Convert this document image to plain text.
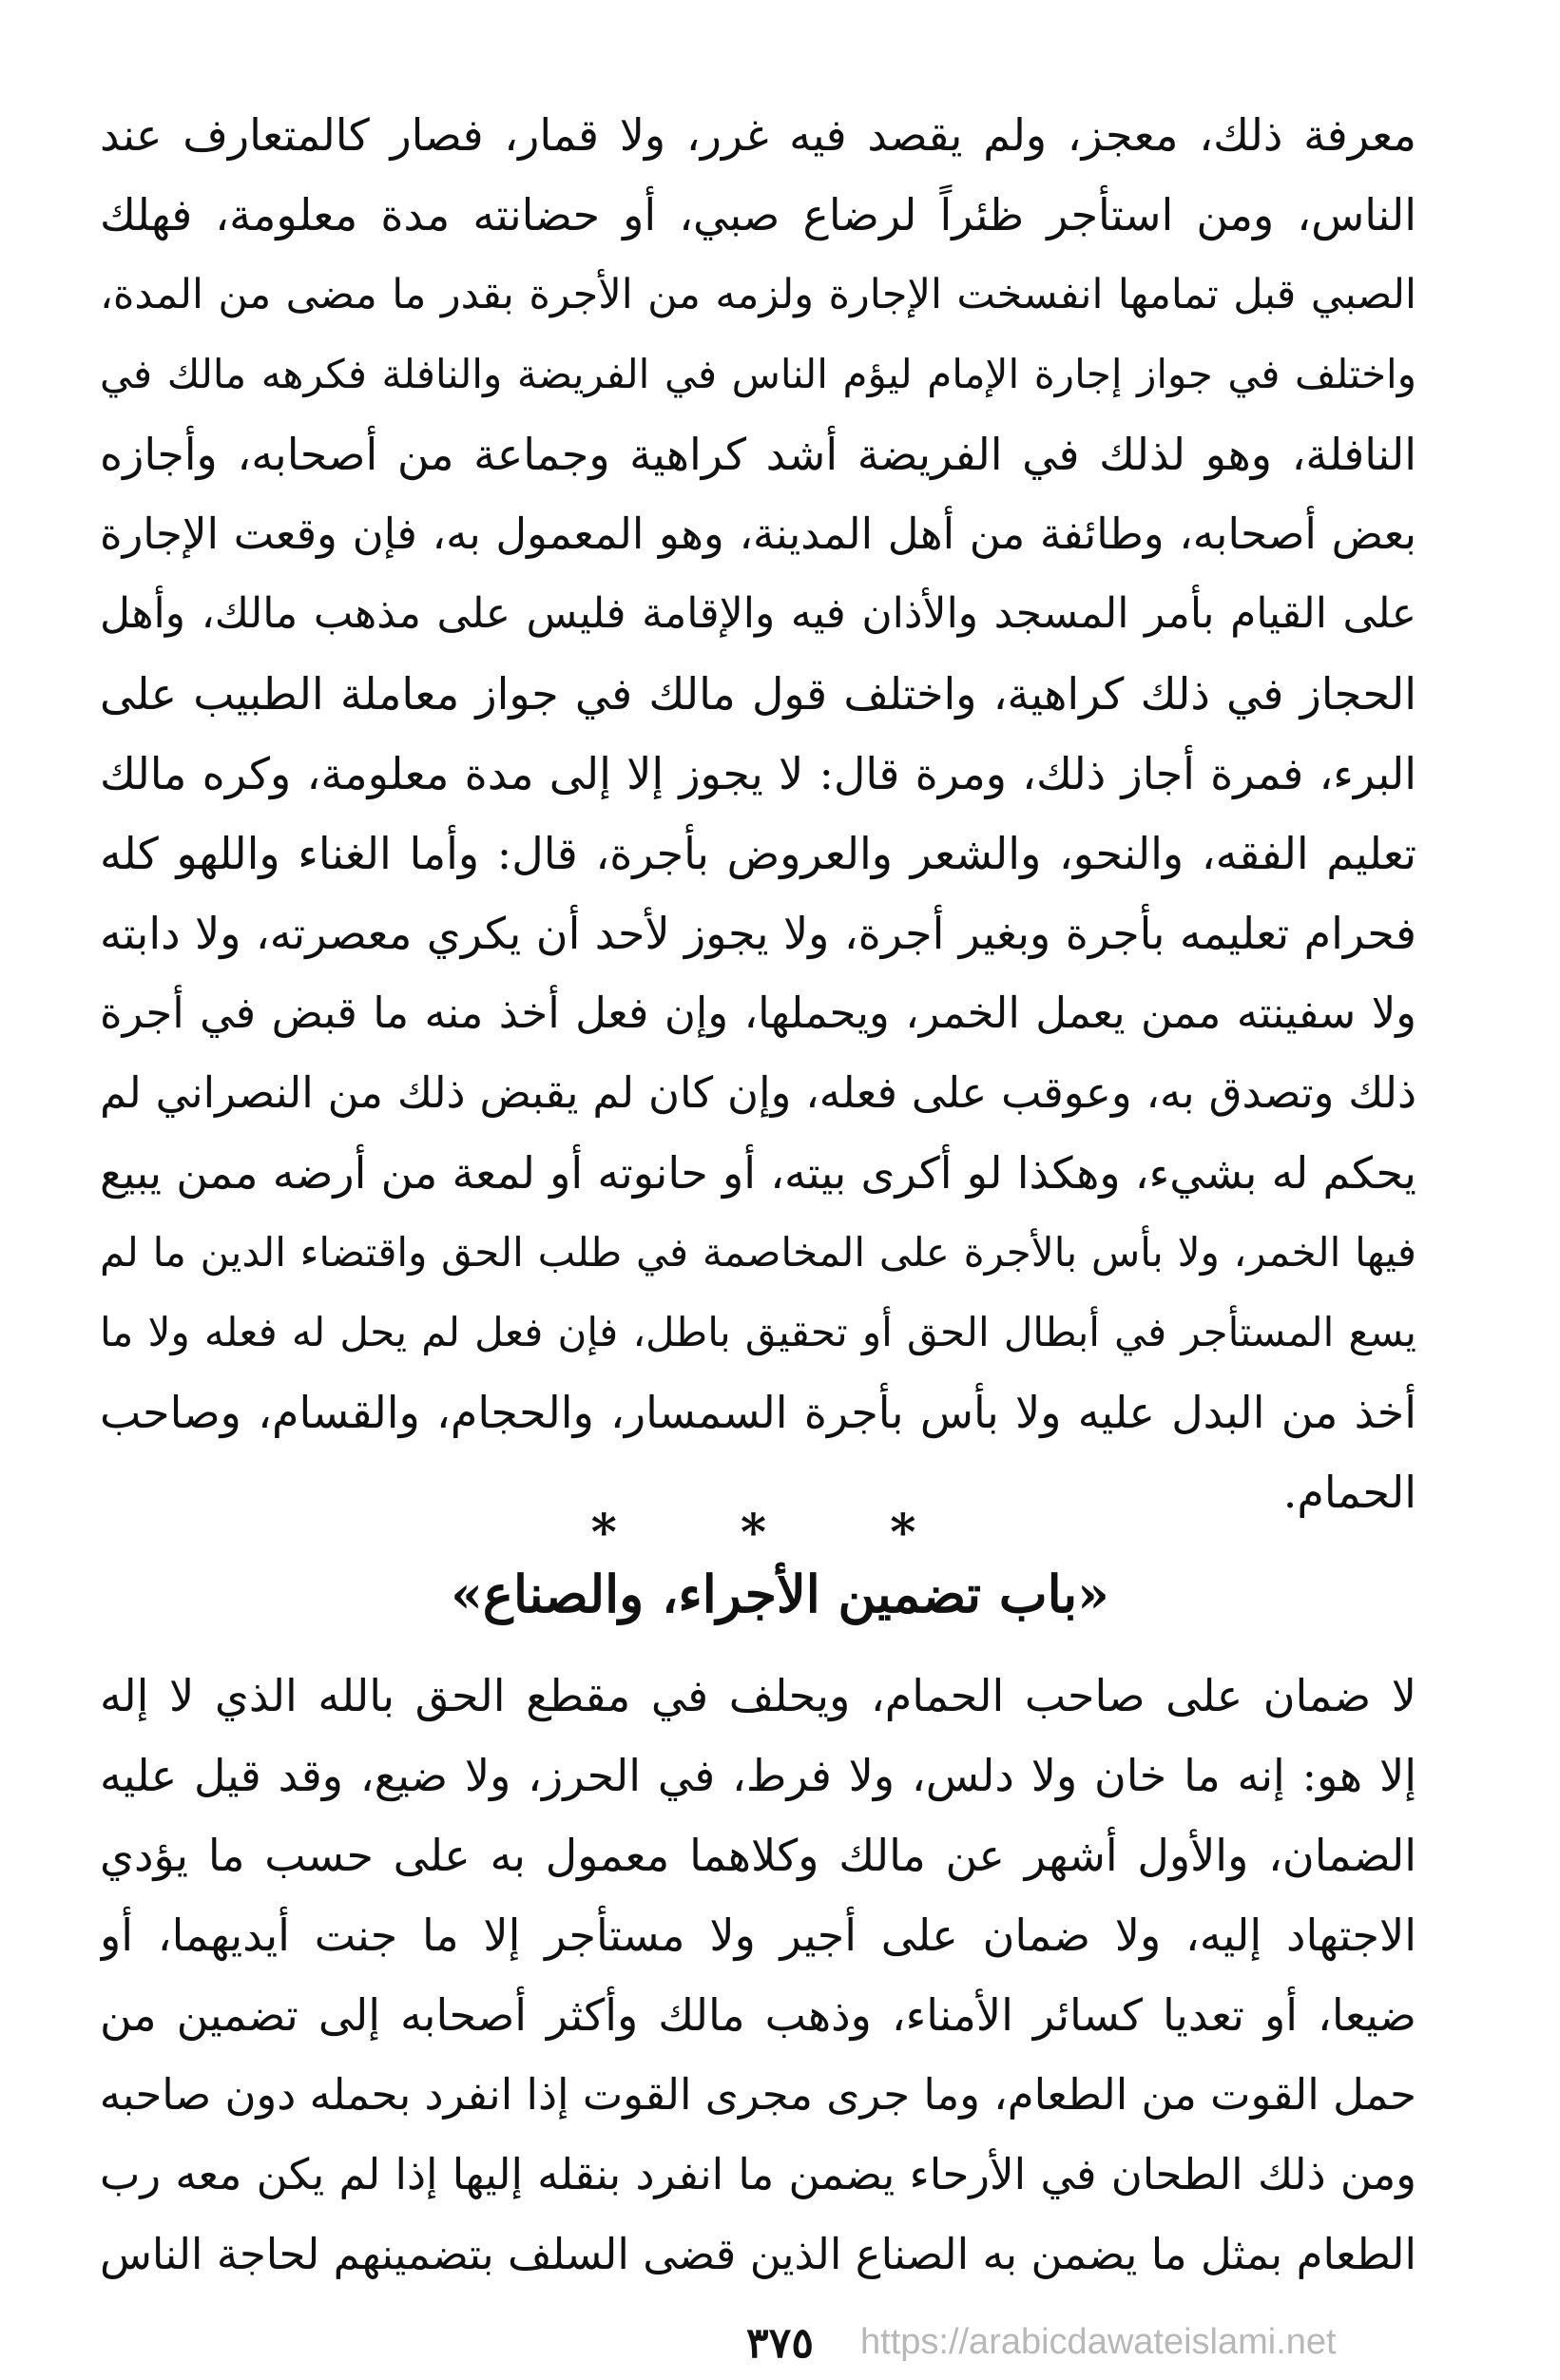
معرفة ذلك، معجز، ولم يقصد فيه غرر، ولا قمار، فصار كالمتعارف عند
الناس، ومن استأجر ظئراً لرضاع صبي، أو حضانته مدة معلومة، فهلك
الصبي قبل تمامها انفسخت الإجارة ولزمه من الأجرة بقدر ما مضى من المدة،
واختلف في جواز إجارة الإمام ليؤم الناس في الفريضة والنافلة فكرهه مالك في
النافلة، وهو لذلك في الفريضة أشد كراهية وجماعة من أصحابه، وأجازه
بعض أصحابه، وطائفة من أهل المدينة، وهو المعمول به، فإن وقعت الإجارة
على القيام بأمر المسجد والأذان فيه والإقامة فليس على مذهب مالك، وأهل
الحجاز في ذلك كراهية، واختلف قول مالك في جواز معاملة الطبيب على
البرء، فمرة أجاز ذلك، ومرة قال: لا يجوز إلا إلى مدة معلومة، وكره مالك
تعليم الفقه، والنحو، والشعر والعروض بأجرة، قال: وأما الغناء واللهو كله
فحرام تعليمه بأجرة وبغير أجرة، ولا يجوز لأحد أن يكري معصرته، ولا دابته
ولا سفينته ممن يعمل الخمر، ويحملها، وإن فعل أخذ منه ما قبض في أجرة
ذلك وتصدق به، وعوقب على فعله، وإن كان لم يقبض ذلك من النصراني لم
يحكم له بشيء، وهكذا لو أكرى بيته، أو حانوته أو لمعة من أرضه ممن يبيع
فيها الخمر، ولا بأس بالأجرة على المخاصمة في طلب الحق واقتضاء الدين ما لم
يسع المستأجر في أبطال الحق أو تحقيق باطل، فإن فعل لم يحل له فعله ولا ما
أخذ من البدل عليه ولا بأس بأجرة السمسار، والحجام، والقسام، وصاحب
الحمام.
* * *
«باب تضمين الأجراء، والصناع»
لا ضمان على صاحب الحمام، ويحلف في مقطع الحق بالله الذي لا إله
إلا هو: إنه ما خان ولا دلس، ولا فرط، في الحرز، ولا ضيع، وقد قيل عليه
الضمان، والأول أشهر عن مالك وكلاهما معمول به على حسب ما يؤدي
الاجتهاد إليه، ولا ضمان على أجير ولا مستأجر إلا ما جنت أيديهما، أو
ضيعا، أو تعديا كسائر الأمناء، وذهب مالك وأكثر أصحابه إلى تضمين من
حمل القوت من الطعام، وما جرى مجرى القوت إذا انفرد بحمله دون صاحبه
ومن ذلك الطحان في الأرحاء يضمن ما انفرد بنقله إليها إذا لم يكن معه رب
الطعام بمثل ما يضمن به الصناع الذين قضى السلف بتضمينهم لحاجة الناس
٣٧٥	https://arabicdawateislami.net
